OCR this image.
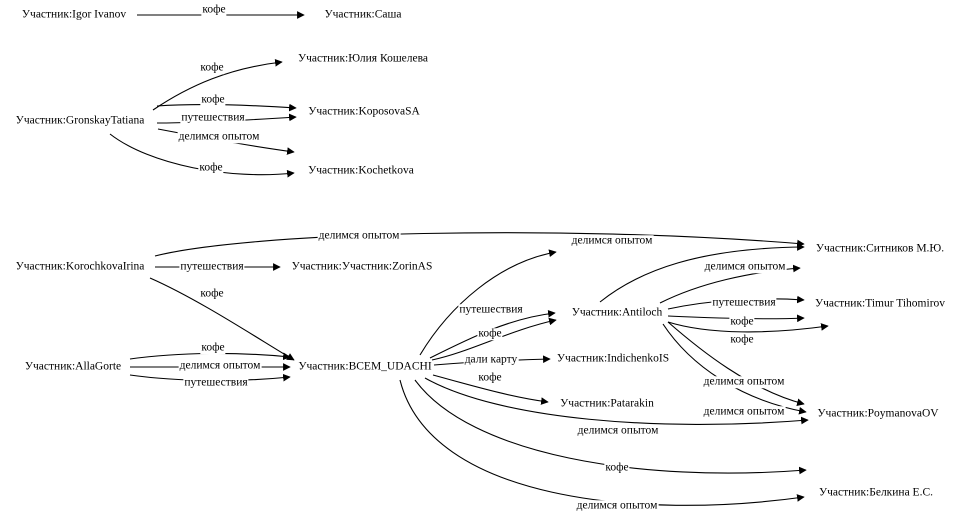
Участник:Igor Ivanov	Участник:Саша
Участник:GronskayTatiana
Участник:Юлия Кошелева
Участник:KoposovaSA
Участник:Kochetkova
Участник:KorochkovaIrina	Участник:Участник:ZorinAS
Участник:AllaGorte	Участник:ВСЕМ_UDACHI
Участник:Antiloch
Участник:Ситников М.Ю.
Участник:Timur Tihomirov
Участник:IndichenkoIS
Участник:Patarakin
Участник:PoymanovaOV
Участник:Белкина Е.С.
кофе
кофе
кофе
путешествия
делимся опытом
кофе
делимся опытом
путешествия
кофе
кофе
делимся опытом
путешествия
путешествия
кофе
дали карту
кофе
делимся опытом
кофе
делимся опытом
делимся опытом
делимся опытом
путешествия
кофе
кофе
делимся опытом
делимся опытом
